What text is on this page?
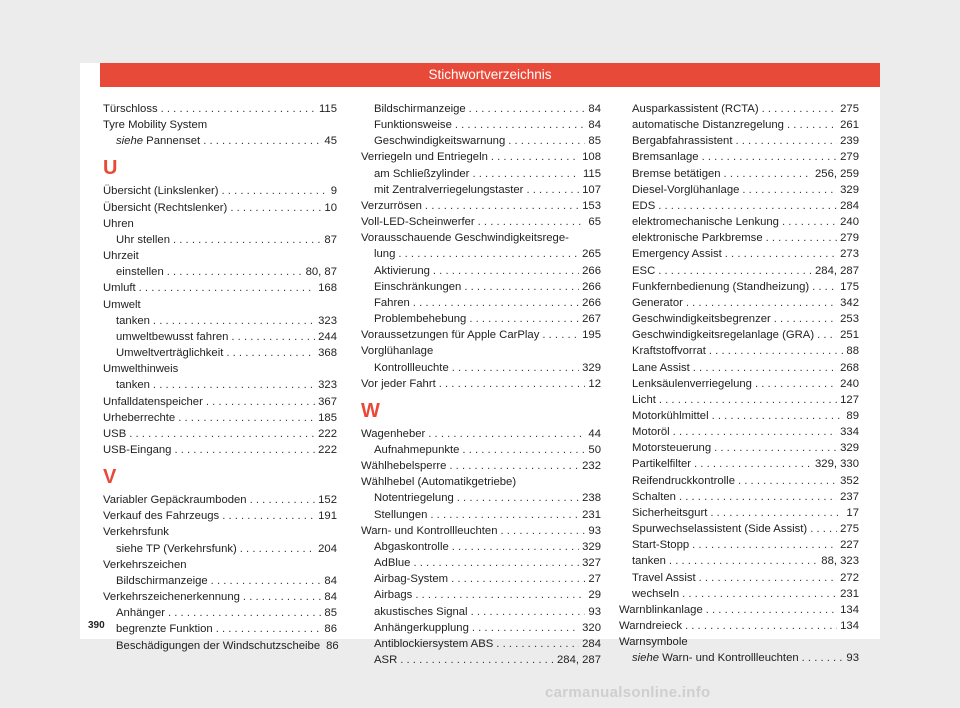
Stichwortverzeichnis
Türschloss . . .	115
Tyre Mobility System
siehe Pannenset . . .	45
U
Übersicht (Linkslenker) . . .	9
Übersicht (Rechtslenker) . . .	10
Uhren
Uhr stellen . . .	87
Uhrzeit
einstellen . . .	80, 87
Umluft . . .	168
Umwelt
tanken . . .	323
umweltbewusst fahren . . .	244
Umweltverträglichkeit . . .	368
Umwelthinweis
tanken . . .	323
Unfalldatenspeicher . . .	367
Urheberrechte . . .	185
USB . . .	222
USB-Eingang . . .	222
V
Variabler Gepäckraumboden . . .	152
Verkauf des Fahrzeugs . . .	191
Verkehrsfunk
siehe TP (Verkehrsfunk) . . .	204
Verkehrszeichen
Bildschirmanzeige . . .	84
Verkehrszeichenerkennung . . .	84
Anhänger . . .	85
begrenzte Funktion . . .	86
Beschädigungen der Windschutzscheibe 86
Bildschirmanzeige . . .	84
Funktionsweise . . .	84
Geschwindigkeitswarnung . . .	85
Verriegeln und Entriegeln . . .	108
am Schließzylinder . . .	115
mit Zentralverriegelungstaster . . .	107
Verzurrösen . . .	153
Voll-LED-Scheinwerfer . . .	65
Vorausschauende Geschwindigkeitsrege-
lung . . .	265
Aktivierung . . .	266
Einschränkungen . . .	266
Fahren . . .	266
Problembehebung . . .	267
Voraussetzungen für Apple CarPlay . . .	195
Vorglühanlage
Kontrollleuchte . . .	329
Vor jeder Fahrt . . .	12
W
Wagenheber . . .	44
Aufnahmepunkte . . .	50
Wählhebelsperre . . .	232
Wählhebel (Automatikgetriebe)
Notentriegelung . . .	238
Stellungen . . .	231
Warn- und Kontrollleuchten . . .	93
Abgaskontrolle . . .	329
AdBlue . . .	327
Airbag-System . . .	27
Airbags . . .	29
akustisches Signal . . .	93
Anhängerkupplung . . .	320
Antiblockiersystem ABS . . .	284
ASR . . .	284, 287
Ausparkassistent (RCTA) . . .	275
automatische Distanzregelung . . .	261
Bergabfahrassistent . . .	239
Bremsanlage . . .	279
Bremse betätigen . . .	256, 259
Diesel-Vorglühanlage . . .	329
EDS . . .	284
elektromechanische Lenkung . . .	240
elektronische Parkbremse . . .	279
Emergency Assist . . .	273
ESC . . .	284, 287
Funkfernbedienung (Standheizung) . . .	175
Generator . . .	342
Geschwindigkeitsbegrenzer . . .	253
Geschwindigkeitsregelanlage (GRA) . . . 251
Kraftstoffvorrat . . .	88
Lane Assist . . .	268
Lenksäulenverriegelung . . .	240
Licht . . .	127
Motorkühlmittel . . .	89
Motoröl . . .	334
Motorsteuerung . . .	329
Partikelfilter . . .	329, 330
Reifendruckkontrolle . . .	352
Schalten . . .	237
Sicherheitsgurt . . .	17
Spurwechselassistent (Side Assist) . . .	275
Start-Stopp . . .	227
tanken . . .	88, 323
Travel Assist . . .	272
wechseln . . .	231
Warnblinkanlage . . .	134
Warndreieck . . .	134
Warnsymbole
siehe Warn- und Kontrollleuchten . . .	93
390
carmanualsonline.info
